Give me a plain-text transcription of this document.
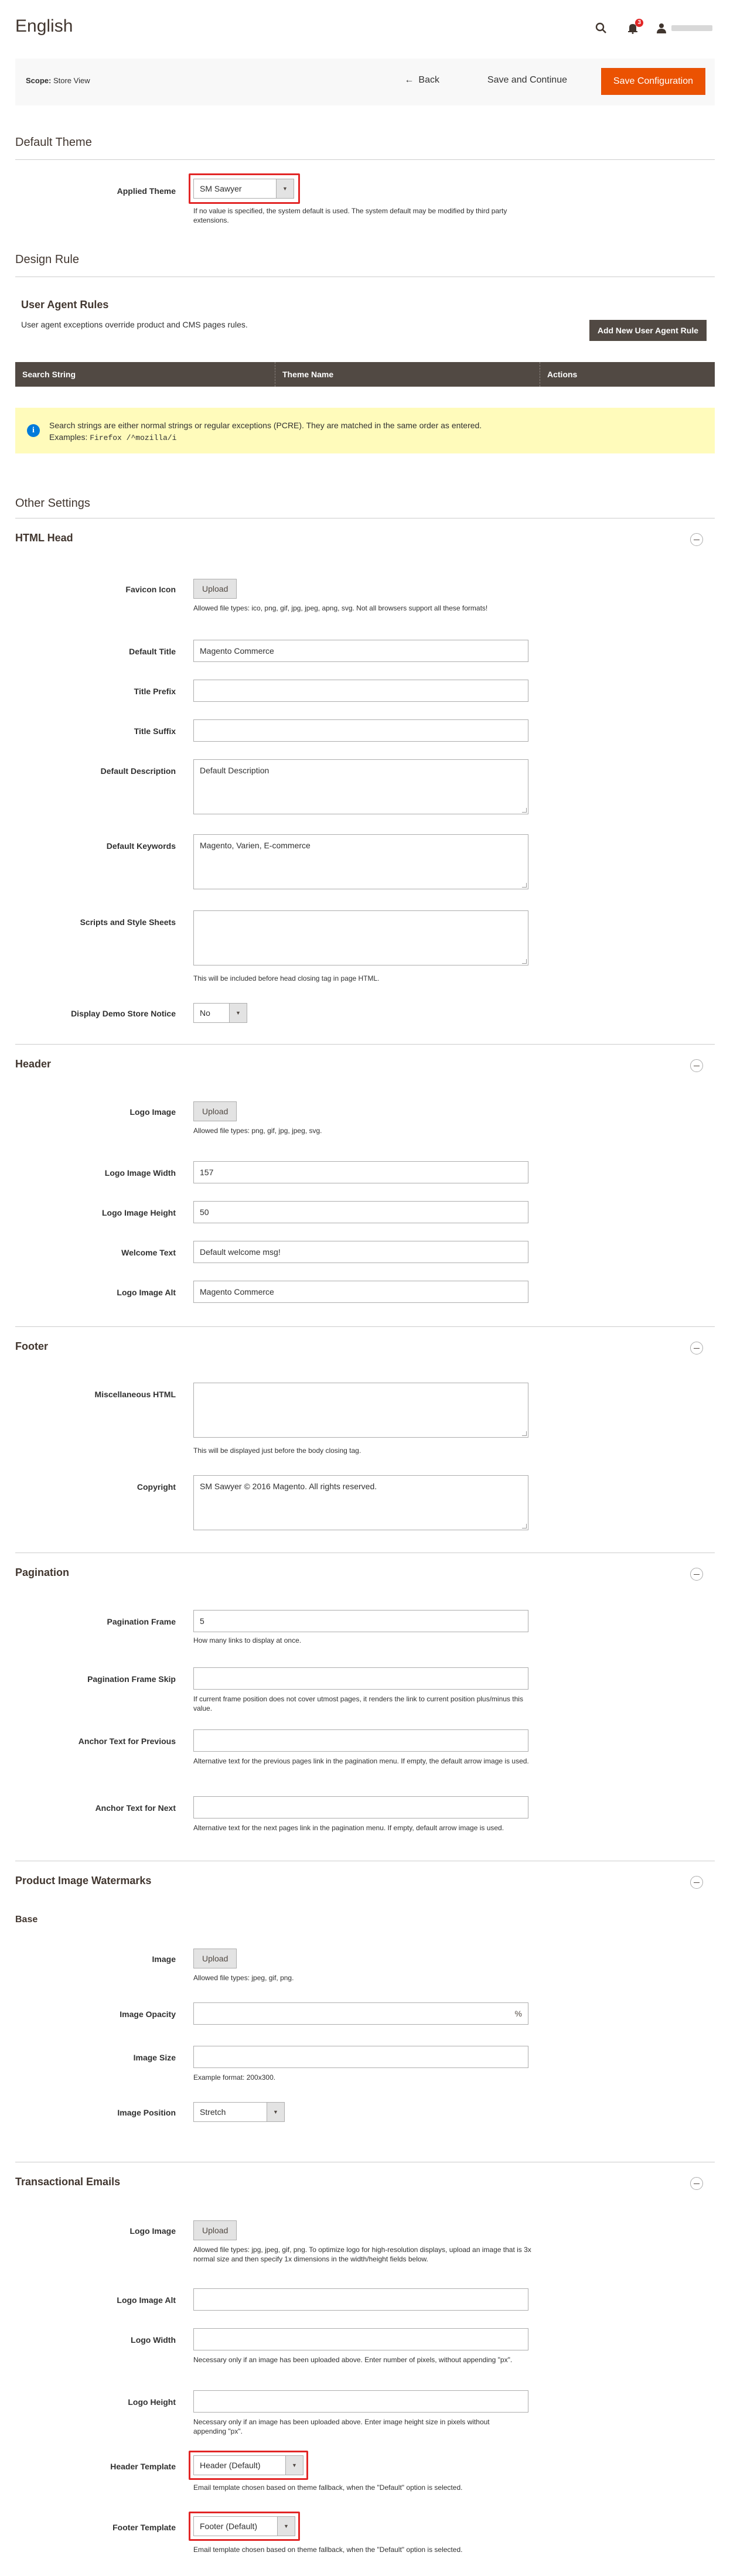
English	3
Scope: Store View	← Back	Save and Continue	Save Configuration
Default Theme
Applied Theme	SM Sawyer	▼
If no value is specified, the system default is used. The system default may be modified by third party extensions.
Design Rule
User Agent Rules
User agent exceptions override product and CMS pages rules.
Add New User Agent Rule
Search String	Theme Name	Actions
i
Search strings are either normal strings or regular exceptions (PCRE). They are matched in the same order as entered.
Examples: Firefox /^mozilla/i
Other Settings
HTML Head
Favicon Icon	Upload
Allowed file types: ico, png, gif, jpg, jpeg, apng, svg. Not all browsers support all these formats!
Default Title	Magento Commerce
Title Prefix
Title Suffix
Default Description	Default Description
Default Keywords	Magento, Varien, E-commerce
Scripts and Style Sheets
This will be included before head closing tag in page HTML.
Display Demo Store Notice	No	▼
Header
Logo Image	Upload
Allowed file types: png, gif, jpg, jpeg, svg.
Logo Image Width	157
Logo Image Height	50
Welcome Text	Default welcome msg!
Logo Image Alt	Magento Commerce
Footer
Miscellaneous HTML
This will be displayed just before the body closing tag.
Copyright	SM Sawyer © 2016 Magento. All rights reserved.
Pagination
Pagination Frame	5
How many links to display at once.
Pagination Frame Skip
If current frame position does not cover utmost pages, it renders the link to current position plus/minus this value.
Anchor Text for Previous
Alternative text for the previous pages link in the pagination menu. If empty, the default arrow image is used.
Anchor Text for Next
Alternative text for the next pages link in the pagination menu. If empty, default arrow image is used.
Product Image Watermarks
Base
Image	Upload
Allowed file types: jpeg, gif, png.
Image Opacity	%
Image Size
Example format: 200x300.
Image Position	Stretch	▼
Transactional Emails
Logo Image	Upload
Allowed file types: jpg, jpeg, gif, png. To optimize logo for high-resolution displays, upload an image that is 3x normal size and then specify 1x dimensions in the width/height fields below.
Logo Image Alt
Logo Width
Necessary only if an image has been uploaded above. Enter number of pixels, without appending "px".
Logo Height
Necessary only if an image has been uploaded above. Enter image height size in pixels without appending "px".
Header Template	Header (Default)	▼
Email template chosen based on theme fallback, when the "Default" option is selected.
Footer Template	Footer (Default)	▼
Email template chosen based on theme fallback, when the "Default" option is selected.
